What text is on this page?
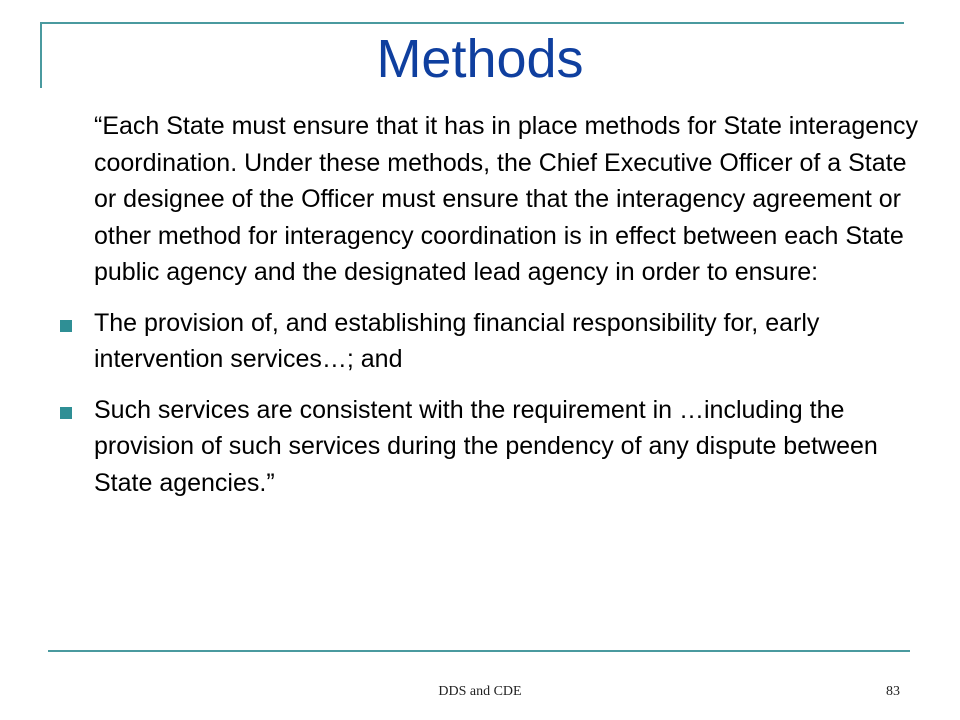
Methods
“Each State must ensure that it has in place methods for State interagency coordination. Under these methods, the Chief Executive Officer of a State or designee of the Officer must ensure that the interagency agreement or other method for interagency coordination is in effect between each State public agency and the designated lead agency in order to ensure:
The provision of, and establishing financial responsibility for, early intervention services…; and
Such services are consistent with the requirement in …including the provision of such services during the pendency of any dispute between State agencies.”
DDS and CDE	83
